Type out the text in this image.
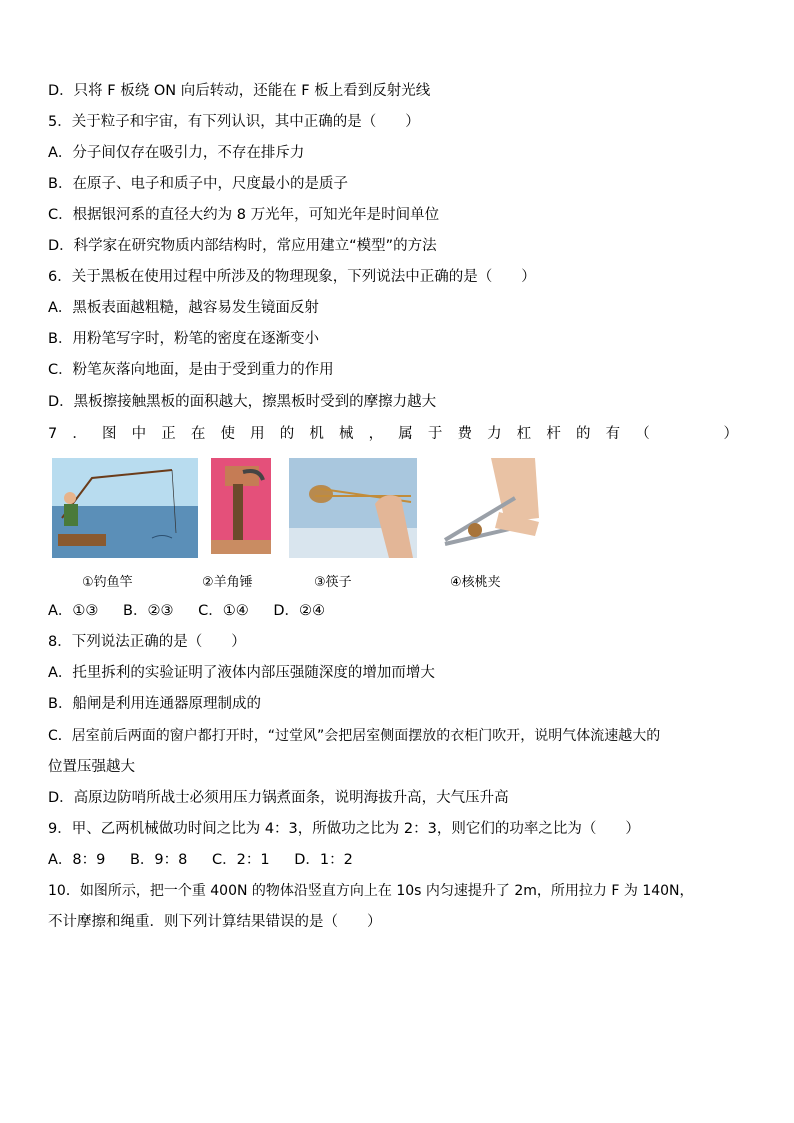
D．只将 F 板绕 ON 向后转动，还能在 F 板上看到反射光线
5．关于粒子和宇宙，有下列认识，其中正确的是（　　）
A．分子间仅存在吸引力，不存在排斥力
B．在原子、电子和质子中，尺度最小的是质子
C．根据银河系的直径大约为 8 万光年，可知光年是时间单位
D．科学家在研究物质内部结构时，常应用建立“模型”的方法
6．关于黑板在使用过程中所涉及的物理现象，下列说法中正确的是（　　）
A．黑板表面越粗糙，越容易发生镜面反射
B．用粉笔写字时，粉笔的密度在逐渐变小
C．粉笔灰落向地面，是由于受到重力的作用
D．黑板擦接触黑板的面积越大，擦黑板时受到的摩擦力越大
7 ． 图 中 正 在 使 用 的 机 械 ， 属 于 费 力 杠 杆 的 有 （
　　　	）
①钓鱼竿	②羊角锤	③筷子	④核桃夹
A．①③ B．②③ C．①④ D．②④
8．下列说法正确的是（　　）
A．托里拆利的实验证明了液体内部压强随深度的增加而增大
B．船闸是利用连通器原理制成的
C．居室前后两面的窗户都打开时，“过堂风”会把居室侧面摆放的衣柜门吹开，说明气体流速越大的
位置压强越大
D．高原边防哨所战士必须用压力锅煮面条，说明海拔升高，大气压升高
9．甲、乙两机械做功时间之比为 4：3，所做功之比为 2：3，则它们的功率之比为（　　）
A．8：9 B．9：8 C．2：1 D．1：2
10．如图所示，把一个重 400N 的物体沿竖直方向上在 10s 内匀速提升了 2m，所用拉力 F 为 140N，
不计摩擦和绳重．则下列计算结果错误的是（　　）
